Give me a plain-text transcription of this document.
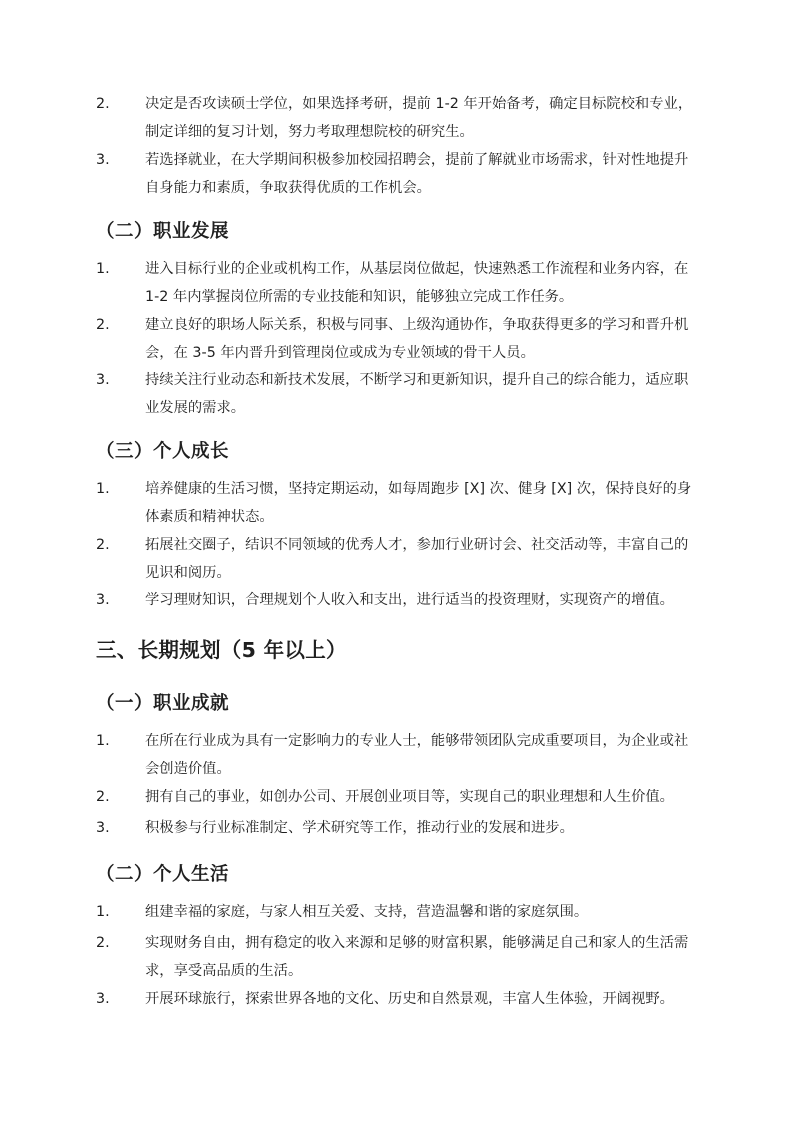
2.	决定是否攻读硕士学位，如果选择考研，提前 1-2 年开始备考，确定目标院校和专业，制定详细的复习计划，努力考取理想院校的研究生。
3.	若选择就业，在大学期间积极参加校园招聘会，提前了解就业市场需求，针对性地提升自身能力和素质，争取获得优质的工作机会。
（二）职业发展
1.	进入目标行业的企业或机构工作，从基层岗位做起，快速熟悉工作流程和业务内容，在 1-2 年内掌握岗位所需的专业技能和知识，能够独立完成工作任务。
2.	建立良好的职场人际关系，积极与同事、上级沟通协作，争取获得更多的学习和晋升机会，在 3-5 年内晋升到管理岗位或成为专业领域的骨干人员。
3.	持续关注行业动态和新技术发展，不断学习和更新知识，提升自己的综合能力，适应职业发展的需求。
（三）个人成长
1.	培养健康的生活习惯，坚持定期运动，如每周跑步 [X] 次、健身 [X] 次，保持良好的身体素质和精神状态。
2.	拓展社交圈子，结识不同领域的优秀人才，参加行业研讨会、社交活动等，丰富自己的见识和阅历。
3.	学习理财知识，合理规划个人收入和支出，进行适当的投资理财，实现资产的增值。
三、长期规划（5 年以上）
（一）职业成就
1.	在所在行业成为具有一定影响力的专业人士，能够带领团队完成重要项目，为企业或社会创造价值。
2.	拥有自己的事业，如创办公司、开展创业项目等，实现自己的职业理想和人生价值。
3.	积极参与行业标准制定、学术研究等工作，推动行业的发展和进步。
（二）个人生活
1.	组建幸福的家庭，与家人相互关爱、支持，营造温馨和谐的家庭氛围。
2.	实现财务自由，拥有稳定的收入来源和足够的财富积累，能够满足自己和家人的生活需求，享受高品质的生活。
3.	开展环球旅行，探索世界各地的文化、历史和自然景观，丰富人生体验，开阔视野。
